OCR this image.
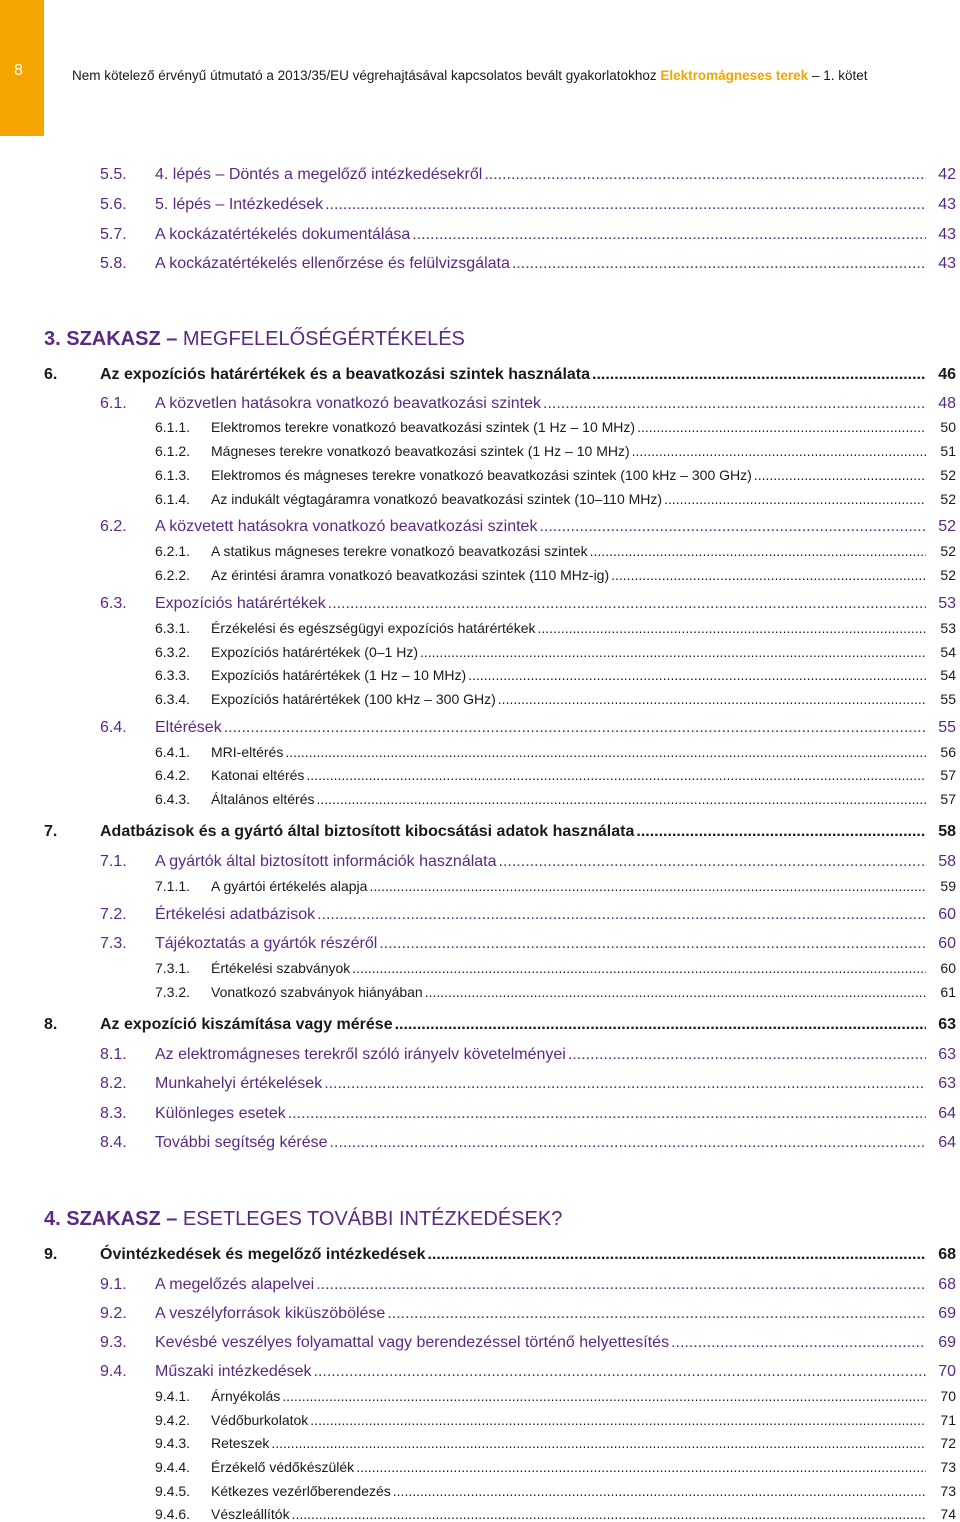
8	Nem kötelező érvényű útmutató a 2013/35/EU végrehajtásával kapcsolatos bevált gyakorlatokhoz Elektromágneses terek – 1. kötet
3. SZAKASZ – MEGFELELŐSÉGÉRTÉKELÉS
4. SZAKASZ – ESETLEGES TOVÁBBI INTÉZKEDÉSEK?
5.5. 4. lépés – Döntés a megelőző intézkedésekről .....	42
5.6. 5. lépés – Intézkedések .....	43
5.7. A kockázatértékelés dokumentálása .....	43
5.8. A kockázatértékelés ellenőrzése és felülvizsgálata .....	43
6.	Az expozíciós határértékek és a beavatkozási szintek használata .....	46
6.1. A közvetlen hatásokra vonatkozó beavatkozási szintek .....	48
6.1.1. Elektromos terekre vonatkozó beavatkozási szintek (1 Hz – 10 MHz) .....	50
6.1.2. Mágneses terekre vonatkozó beavatkozási szintek (1 Hz – 10 MHz) .....	51
6.1.3. Elektromos és mágneses terekre vonatkozó beavatkozási szintek (100 kHz – 300 GHz) .....	52
6.1.4. Az indukált végtagáramra vonatkozó beavatkozási szintek (10–110 MHz) .....	52
6.2. A közvetett hatásokra vonatkozó beavatkozási szintek .....	52
6.2.1. A statikus mágneses terekre vonatkozó beavatkozási szintek .....	52
6.2.2. Az érintési áramra vonatkozó beavatkozási szintek (110 MHz-ig) .....	52
6.3. Expozíciós határértékek .....	53
6.3.1. Érzékelési és egészségügyi expozíciós határértékek .....	53
6.3.2. Expozíciós határértékek (0–1 Hz) .....	54
6.3.3. Expozíciós határértékek (1 Hz – 10 MHz) .....	54
6.3.4. Expozíciós határértékek (100 kHz – 300 GHz) .....	55
6.4. Eltérések .....	55
6.4.1. MRI-eltérés .....	56
6.4.2. Katonai eltérés .....	57
6.4.3. Általános eltérés .....	57
7.	Adatbázisok és a gyártó által biztosított kibocsátási adatok használata .....	58
7.1. A gyártók által biztosított információk használata .....	58
7.1.1. A gyártói értékelés alapja .....	59
7.2. Értékelési adatbázisok .....	60
7.3. Tájékoztatás a gyártók részéről .....	60
7.3.1. Értékelési szabványok .....	60
7.3.2. Vonatkozó szabványok hiányában .....	61
8.	Az expozíció kiszámítása vagy mérése .....	63
8.1. Az elektromágneses terekről szóló irányelv követelményei .....	63
8.2. Munkahelyi értékelések .....	63
8.3. Különleges esetek .....	64
8.4. További segítség kérése .....	64
9.	Óvintézkedések és megelőző intézkedések .....	68
9.1. A megelőzés alapelvei .....	68
9.2. A veszélyforrások kiküszöbölése .....	69
9.3. Kevésbé veszélyes folyamattal vagy berendezéssel történő helyettesítés .....	69
9.4. Műszaki intézkedések .....	70
9.4.1. Árnyékolás .....	70
9.4.2. Védőburkolatok .....	71
9.4.3. Reteszek .....	72
9.4.4. Érzékelő védőkészülék .....	73
9.4.5. Kétkezes vezérlőberendezés .....	73
9.4.6. Vészleállítók .....	74
